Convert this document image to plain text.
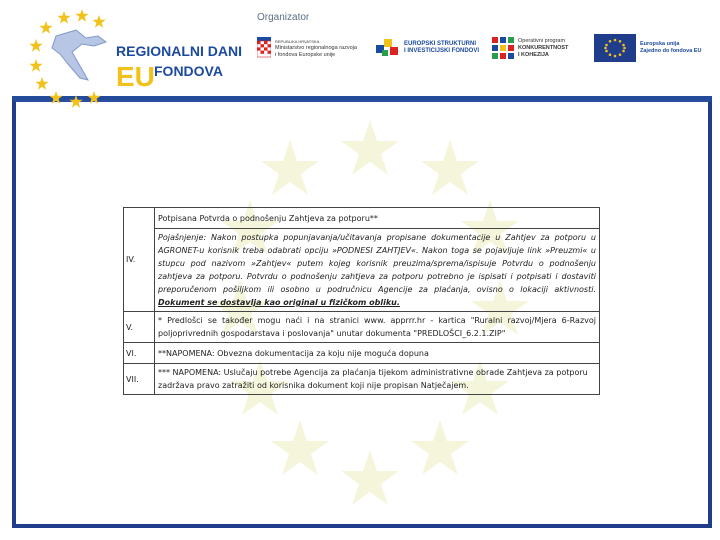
REGIONALNI DANI
EU FONDOVA
Organizator
REPUBLIKA HRVATSKA
Ministarstvo regionalnoga razvoja
i fondova Europske unije
EUROPSKI STRUKTURNI
I INVESTICIJSKI FONDOVI
Operativni program
KONKURENTNOST
I KOHEZIJA
Europska unija
Zajedno do fondova EU
IV.	Potpisana Potvrda o podnošenju Zahtjeva za potporu**
	Pojašnjenje: Nakon postupka popunjavanja/učitavanja propisane dokumentacije u Zahtjev za potporu u AGRONET-u korisnik treba odabrati opciju »PODNESI ZAHTJEV«. Nakon toga se pojavljuje link »Preuzmi« u stupcu pod nazivom »Zahtjev« putem kojeg korisnik preuzima/sprema/ispisuje Potvrdu o podnošenju zahtjeva za potporu. Potvrdu o podnošenju zahtjeva za potporu potrebno je ispisati i potpisati i dostaviti preporučenom pošiljkom ili osobno u područnicu Agencije za plaćanja, ovisno o lokaciji aktivnosti. Dokument se dostavlja kao original u fizičkom obliku.
V.	* Predlošci se također mogu naći i na stranici www. apprrr.hr - kartica "Ruralni razvoj/Mjera 6-Razvoj poljoprivrednih gospodarstava i poslovanja" unutar dokumenta "PREDLOŠCI_6.2.1.ZIP"
VI.	**NAPOMENA: Obvezna dokumentacija za koju nije moguća dopuna
VII.	*** NAPOMENA: Uslučaju potrebe Agencija za plaćanja tijekom administrativne obrade Zahtjeva za potporu zadržava pravo zatražiti od korisnika dokument koji nije propisan Natječajem.
